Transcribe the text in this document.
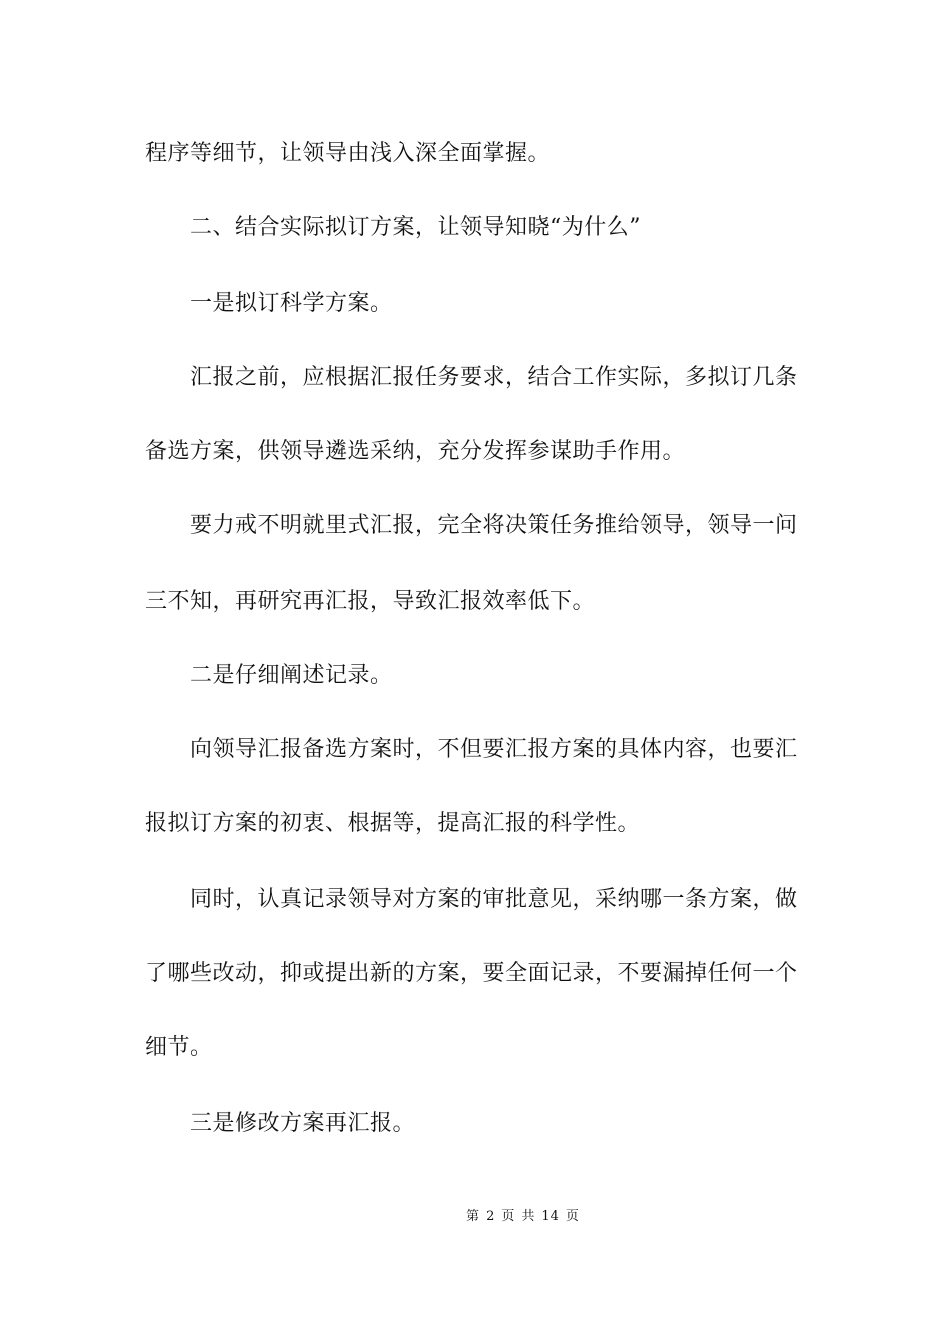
程序等细节，让领导由浅入深全面掌握。
二、结合实际拟订方案，让领导知晓“为什么”
一是拟订科学方案。
汇报之前，应根据汇报任务要求，结合工作实际，多拟订几条
备选方案，供领导遴选采纳，充分发挥参谋助手作用。
要力戒不明就里式汇报，完全将决策任务推给领导，领导一问
三不知，再研究再汇报，导致汇报效率低下。
二是仔细阐述记录。
向领导汇报备选方案时，不但要汇报方案的具体内容，也要汇
报拟订方案的初衷、根据等，提高汇报的科学性。
同时，认真记录领导对方案的审批意见，采纳哪一条方案，做
了哪些改动，抑或提出新的方案，要全面记录，不要漏掉任何一个
细节。
三是修改方案再汇报。
第 2 页 共 14 页
